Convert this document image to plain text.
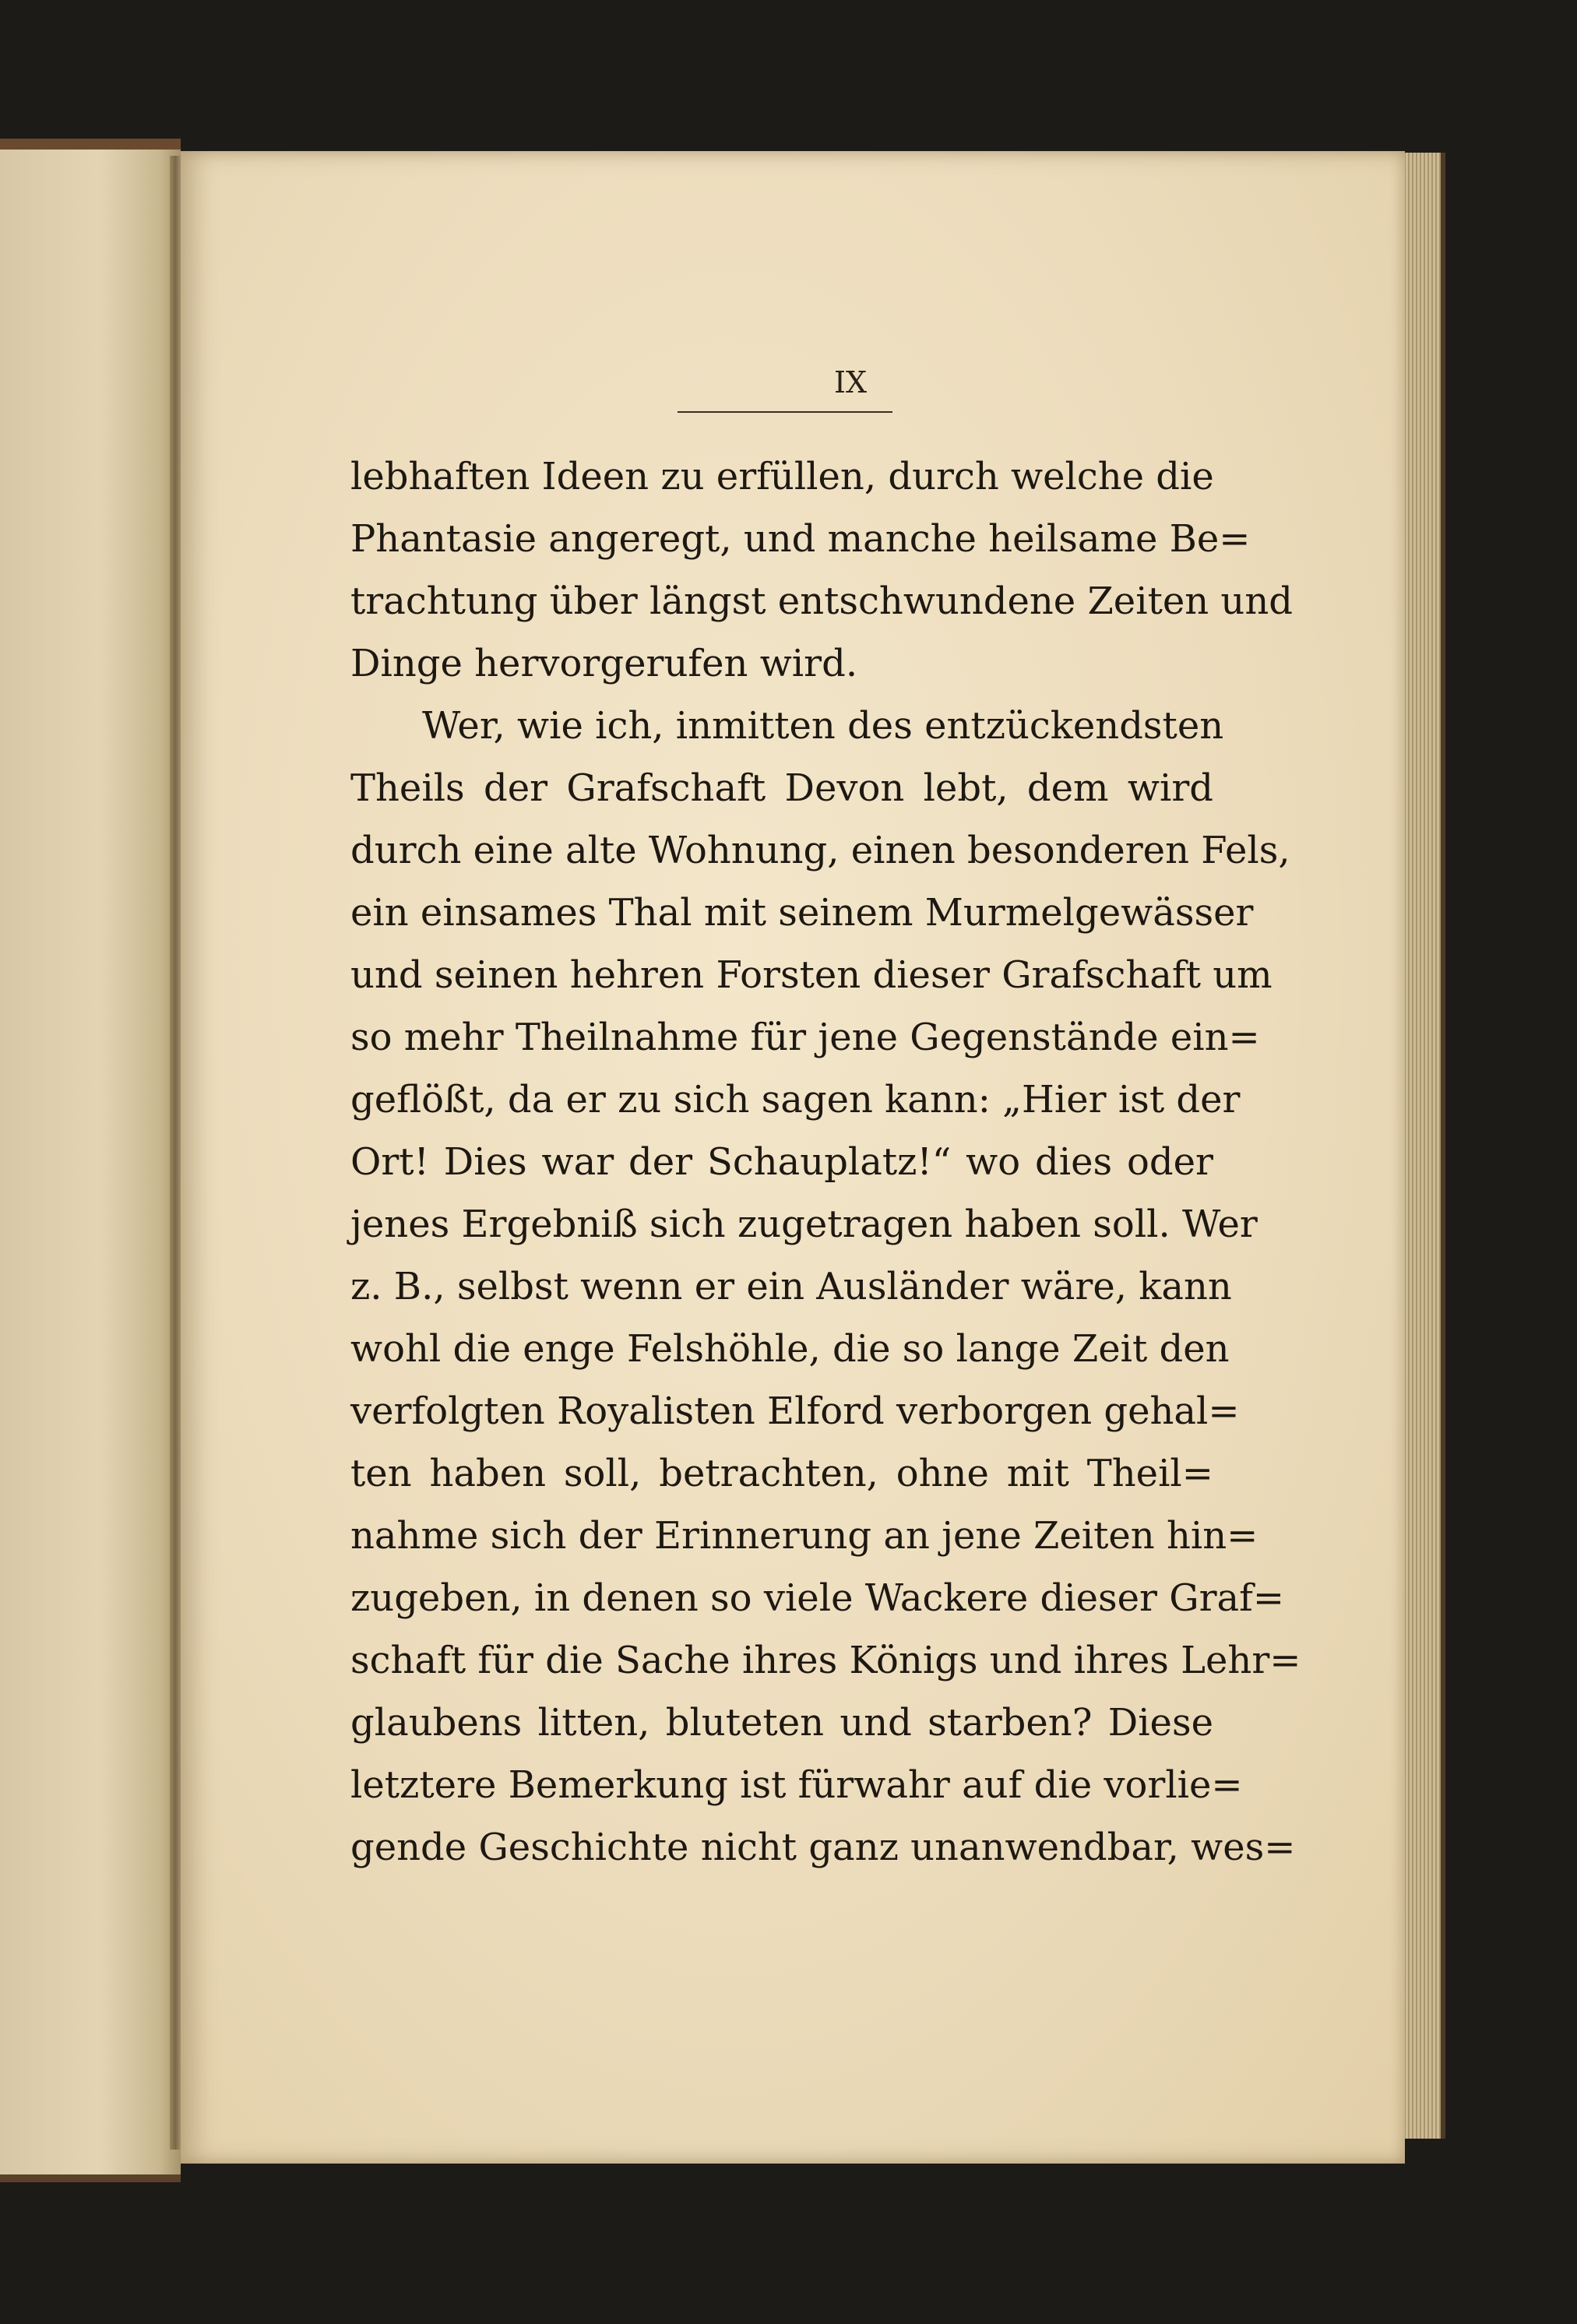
IX
lebhaften Ideen zu erfüllen, durch welche die
Phantasie angeregt, und manche heilsame Be=
trachtung über längst entschwundene Zeiten und
Dinge hervorgerufen wird.
Wer, wie ich, inmitten des entzückendsten
Theils der Grafschaft Devon lebt, dem wird
durch eine alte Wohnung, einen besonderen Fels,
ein einsames Thal mit seinem Murmelgewässer
und seinen hehren Forsten dieser Grafschaft um
so mehr Theilnahme für jene Gegenstände ein=
geflößt, da er zu sich sagen kann: „Hier ist der
Ort! Dies war der Schauplatz!“ wo dies oder
jenes Ergebniß sich zugetragen haben soll. Wer
z. B., selbst wenn er ein Ausländer wäre, kann
wohl die enge Felshöhle, die so lange Zeit den
verfolgten Royalisten Elford verborgen gehal=
ten haben soll, betrachten, ohne mit Theil=
nahme sich der Erinnerung an jene Zeiten hin=
zugeben, in denen so viele Wackere dieser Graf=
schaft für die Sache ihres Königs und ihres Lehr=
glaubens litten, bluteten und starben? Diese
letztere Bemerkung ist fürwahr auf die vorlie=
gende Geschichte nicht ganz unanwendbar, wes=
